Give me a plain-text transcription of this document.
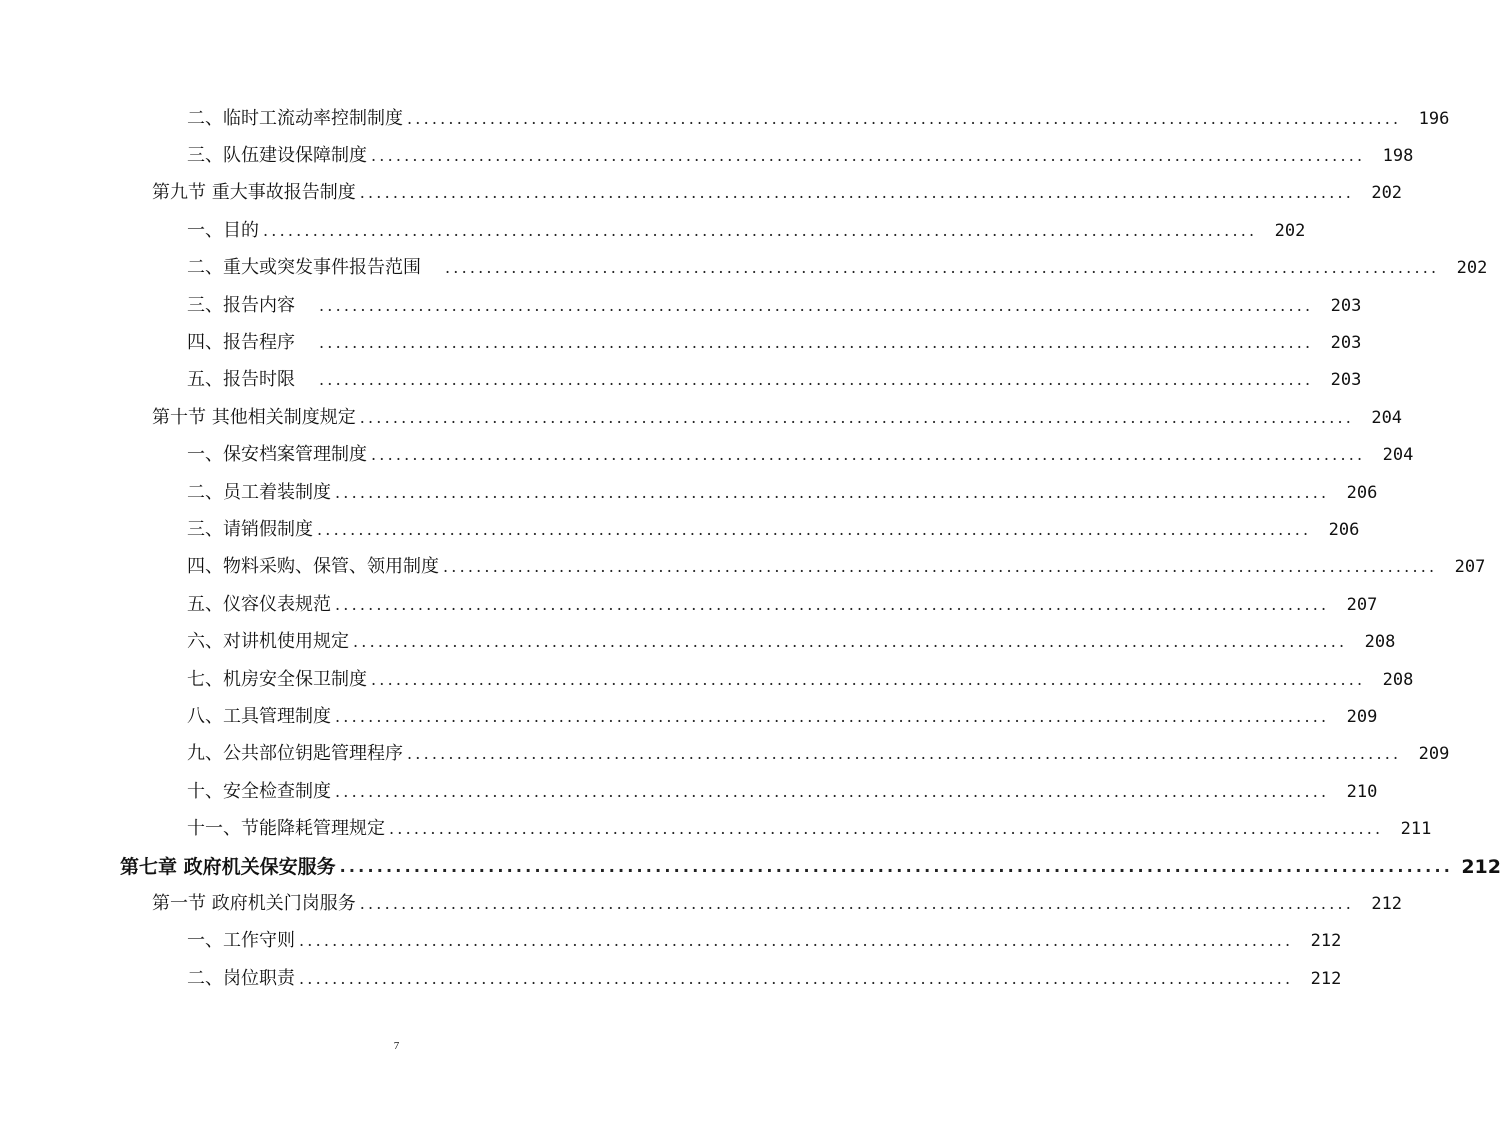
二、临时工流动率控制制度 ........................................................................................................................	196
三、队伍建设保障制度 ........................................................................................................................	198
第九节 重大事故报告制度 ........................................................................................................................	202
一、目的 ........................................................................................................................	202
二、重大或突发事件报告范围 ........................................................................................................................	202
三、报告内容 ........................................................................................................................	203
四、报告程序 ........................................................................................................................	203
五、报告时限 ........................................................................................................................	203
第十节 其他相关制度规定 ........................................................................................................................	204
一、保安档案管理制度 ........................................................................................................................	204
二、员工着装制度 ........................................................................................................................	206
三、请销假制度 ........................................................................................................................	206
四、物料采购、保管、领用制度 ........................................................................................................................	207
五、仪容仪表规范 ........................................................................................................................	207
六、对讲机使用规定 ........................................................................................................................	208
七、机房安全保卫制度 ........................................................................................................................	208
八、工具管理制度 ........................................................................................................................	209
九、公共部位钥匙管理程序 ........................................................................................................................	209
十、安全检查制度 ........................................................................................................................	210
十一、节能降耗管理规定 ........................................................................................................................	211
第七章 政府机关保安服务 ........................................................................................................................ 212
第一节 政府机关门岗服务 ........................................................................................................................	212
一、工作守则 ........................................................................................................................	212
二、岗位职责 ........................................................................................................................	212
7
